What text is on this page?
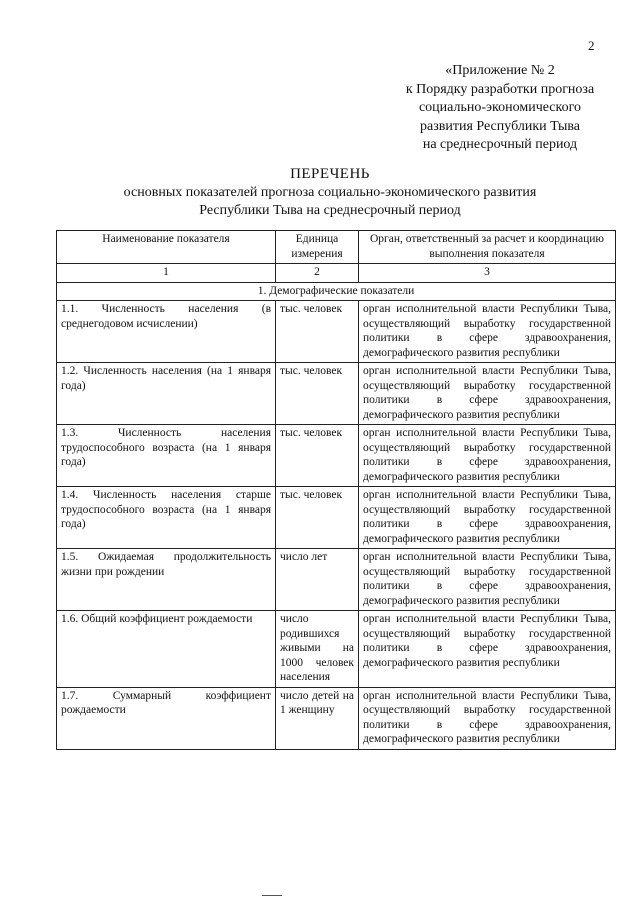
2
«Приложение № 2
к Порядку разработки прогноза
социально-экономического
развития Республики Тыва
на среднесрочный период
ПЕРЕЧЕНЬ
основных показателей прогноза социально-экономического развития
Республики Тыва на среднесрочный период
Наименование показателя	Единица измерения	Орган, ответственный за расчет и координацию выполнения показателя
1	2	3
1. Демографические показатели		
1.1. Численность населения (в среднегодовом исчислении)	тыс. человек	орган исполнительной власти Республики Тыва, осуществляющий выработку государственной политики в сфере здравоохранения, демографического развития республики
1.2. Численность населения (на 1 января года)	тыс. человек	орган исполнительной власти Республики Тыва, осуществляющий выработку государственной политики в сфере здравоохранения, демографического развития республики
1.3. Численность населения трудоспособного возраста (на 1 января года)	тыс. человек	орган исполнительной власти Республики Тыва, осуществляющий выработку государственной политики в сфере здравоохранения, демографического развития республики
1.4. Численность населения старше трудоспособного возраста (на 1 января года)	тыс. человек	орган исполнительной власти Республики Тыва, осуществляющий выработку государственной политики в сфере здравоохранения, демографического развития республики
1.5. Ожидаемая продолжительность жизни при рождении	число лет	орган исполнительной власти Республики Тыва, осуществляющий выработку государственной политики в сфере здравоохранения, демографического развития республики
1.6. Общий коэффициент рождаемости	число родившихся живыми на 1000 человек населения	орган исполнительной власти Республики Тыва, осуществляющий выработку государственной политики в сфере здравоохранения, демографического развития республики
1.7. Суммарный коэффициент рождаемости	число детей на 1 женщину	орган исполнительной власти Республики Тыва, осуществляющий выработку государственной политики в сфере здравоохранения, демографического развития республики
